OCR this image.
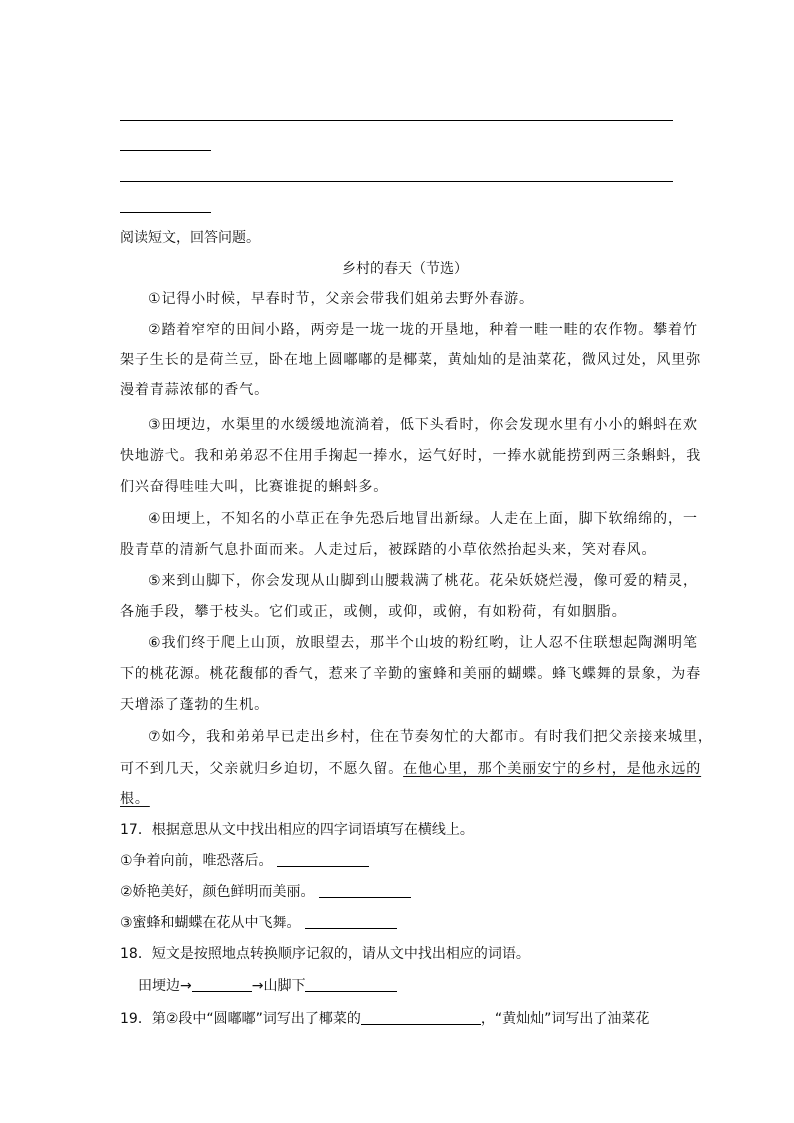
阅读短文，回答问题。
乡村的春天（节选）
①记得小时候，早春时节，父亲会带我们姐弟去野外春游。
②踏着窄窄的田间小路，两旁是一垅一垅的开垦地，种着一畦一畦的农作物。攀着竹
架子生长的是荷兰豆，卧在地上圆嘟嘟的是椰菜，黄灿灿的是油菜花，微风过处，风里弥
漫着青蒜浓郁的香气。
③田埂边，水渠里的水缓缓地流淌着，低下头看时，你会发现水里有小小的蝌蚪在欢
快地游弋。我和弟弟忍不住用手掬起一捧水，运气好时，一捧水就能捞到两三条蝌蚪，我
们兴奋得哇哇大叫，比赛谁捉的蝌蚪多。
④田埂上，不知名的小草正在争先恐后地冒出新绿。人走在上面，脚下软绵绵的，一
股青草的清新气息扑面而来。人走过后，被踩踏的小草依然抬起头来，笑对春风。
⑤来到山脚下，你会发现从山脚到山腰栽满了桃花。花朵妖娆烂漫，像可爱的精灵，
各施手段，攀于枝头。它们或正，或侧，或仰，或俯，有如粉荷，有如胭脂。
⑥我们终于爬上山顶，放眼望去，那半个山坡的粉红哟，让人忍不住联想起陶渊明笔
下的桃花源。桃花馥郁的香气，惹来了辛勤的蜜蜂和美丽的蝴蝶。蜂飞蝶舞的景象，为春
天增添了蓬勃的生机。
⑦如今，我和弟弟早已走出乡村，住在节奏匆忙的大都市。有时我们把父亲接来城里，
可不到几天，父亲就归乡迫切，不愿久留。在他心里，那个美丽安宁的乡村，是他永远的
根。
17．根据意思从文中找出相应的四字词语填写在横线上。
①争着向前，唯恐落后。
②娇艳美好，颜色鲜明而美丽。
③蜜蜂和蝴蝶在花从中飞舞。
18．短文是按照地点转换顺序记叙的，请从文中找出相应的词语。
田埂边→	→山脚下
19．第②段中“圆嘟嘟”词写出了椰菜的	，“黄灿灿”词写出了油菜花
